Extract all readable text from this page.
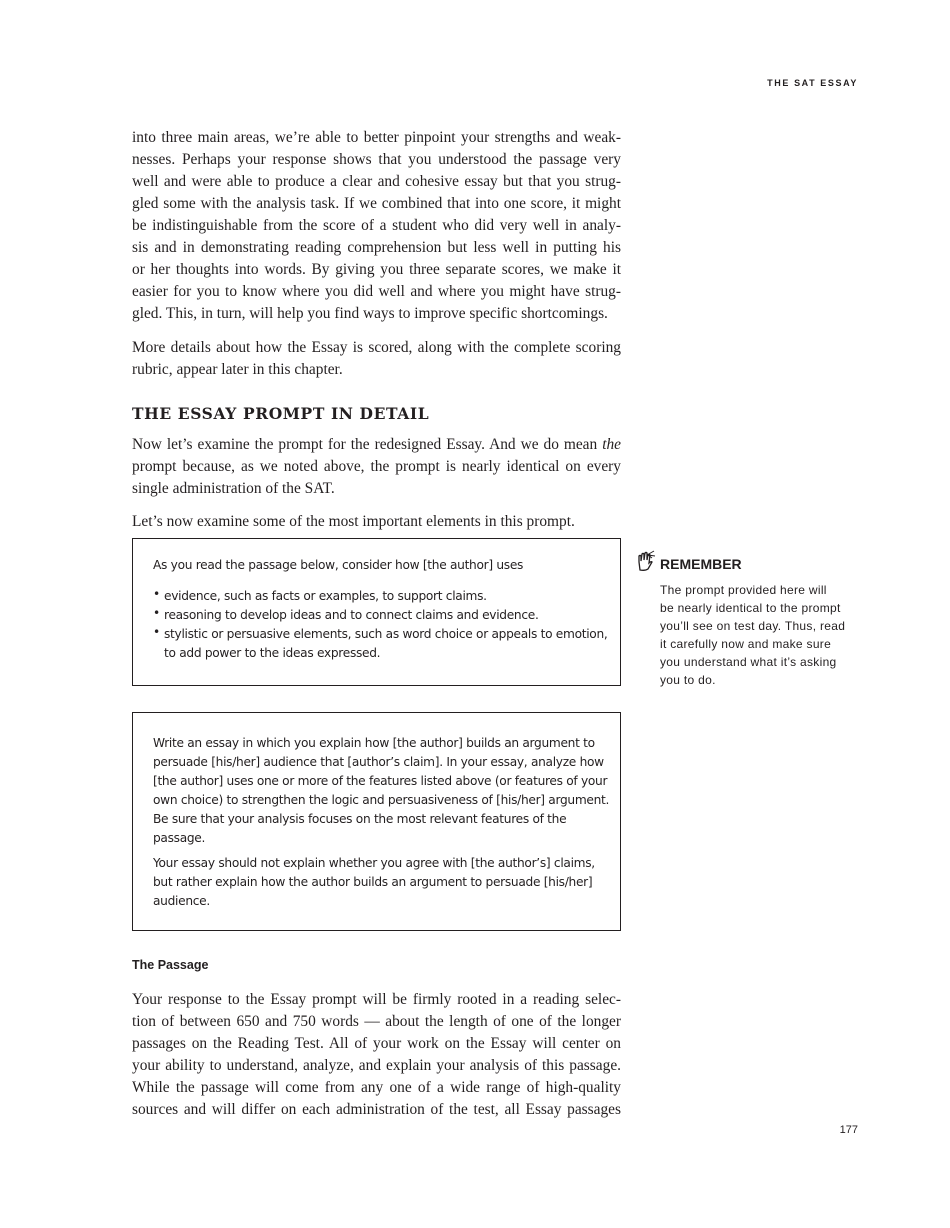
THE SAT ESSAY
into three main areas, we’re able to better pinpoint your strengths and weak-
nesses. Perhaps your response shows that you understood the passage very
well and were able to produce a clear and cohesive essay but that you strug-
gled some with the analysis task. If we combined that into one score, it might
be indistinguishable from the score of a student who did very well in analy-
sis and in demonstrating reading comprehension but less well in putting his
or her thoughts into words. By giving you three separate scores, we make it
easier for you to know where you did well and where you might have strug-
gled. This, in turn, will help you find ways to improve specific shortcomings.
More details about how the Essay is scored, along with the complete scoring
rubric, appear later in this chapter.
THE ESSAY PROMPT IN DETAIL
Now let’s examine the prompt for the redesigned Essay. And we do mean the
prompt because, as we noted above, the prompt is nearly identical on every
single administration of the SAT.
Let’s now examine some of the most important elements in this prompt.
As you read the passage below, consider how [the author] uses
• evidence, such as facts or examples, to support claims.
• reasoning to develop ideas and to connect claims and evidence.
• stylistic or persuasive elements, such as word choice or appeals to emotion,
to add power to the ideas expressed.
Write an essay in which you explain how [the author] builds an argument to
persuade [his/her] audience that [author’s claim]. In your essay, analyze how
[the author] uses one or more of the features listed above (or features of your
own choice) to strengthen the logic and persuasiveness of [his/her] argument.
Be sure that your analysis focuses on the most relevant features of the
passage.
Your essay should not explain whether you agree with [the author’s] claims,
but rather explain how the author builds an argument to persuade [his/her]
audience.
REMEMBER
The prompt provided here will
be nearly identical to the prompt
you’ll see on test day. Thus, read
it carefully now and make sure
you understand what it’s asking
you to do.
The Passage
Your response to the Essay prompt will be firmly rooted in a reading selec-
tion of between 650 and 750 words — about the length of one of the longer
passages on the Reading Test. All of your work on the Essay will center on
your ability to understand, analyze, and explain your analysis of this passage.
While the passage will come from any one of a wide range of high-quality
sources and will differ on each administration of the test, all Essay passages
177
